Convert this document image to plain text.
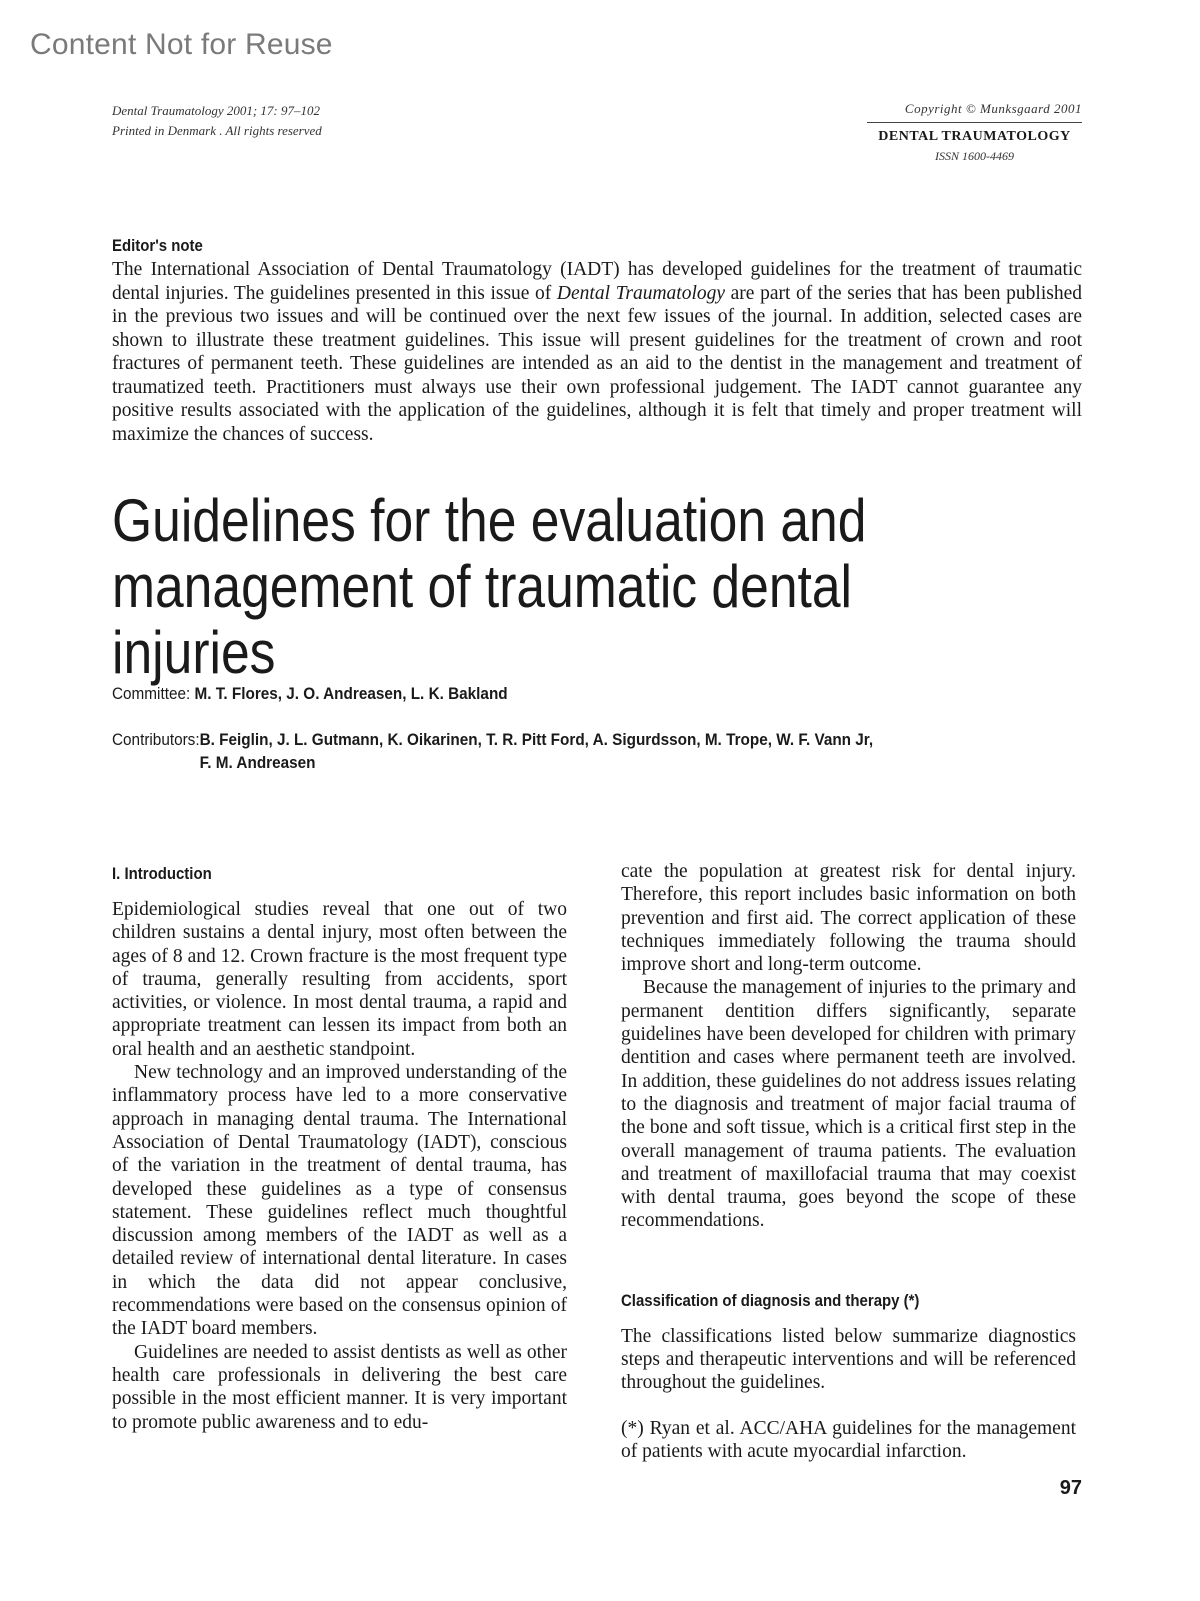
Content Not for Reuse
Dental Traumatology 2001; 17: 97–102
Printed in Denmark . All rights reserved
Copyright © Munksgaard 2001
DENTAL TRAUMATOLOGY
ISSN 1600-4469
Editor's note

The International Association of Dental Traumatology (IADT) has developed guidelines for the treatment of traumatic dental injuries. The guidelines presented in this issue of Dental Traumatology are part of the series that has been published in the previous two issues and will be continued over the next few issues of the journal. In addition, selected cases are shown to illustrate these treatment guidelines. This issue will present guidelines for the treatment of crown and root fractures of permanent teeth. These guidelines are intended as an aid to the dentist in the management and treatment of traumatized teeth. Practitioners must always use their own professional judgement. The IADT cannot guarantee any positive results associated with the application of the guidelines, although it is felt that timely and proper treatment will maximize the chances of success.

Guidelines for the evaluation and
management of traumatic dental injuries
Committee: M. T. Flores, J. O. Andreasen, L. K. Bakland
Contributors: B. Feiglin, J. L. Gutmann, K. Oikarinen, T. R. Pitt Ford, A. Sigurdsson, M. Trope, W. F. Vann Jr,
F. M. Andreasen
I. Introduction

Epidemiological studies reveal that one out of two children sustains a dental injury, most often between the ages of 8 and 12. Crown fracture is the most frequent type of trauma, generally resulting from accidents, sport activities, or violence. In most dental trauma, a rapid and appropriate treatment can lessen its impact from both an oral health and an aesthetic standpoint.

New technology and an improved understanding of the inflammatory process have led to a more conservative approach in managing dental trauma. The International Association of Dental Traumatology (IADT), conscious of the variation in the treatment of dental trauma, has developed these guidelines as a type of consensus statement. These guidelines reflect much thoughtful discussion among members of the IADT as well as a detailed review of international dental literature. In cases in which the data did not appear conclusive, recommendations were based on the consensus opinion of the IADT board members.

Guidelines are needed to assist dentists as well as other health care professionals in delivering the best care possible in the most efficient manner. It is very important to promote public awareness and to edu-

cate the population at greatest risk for dental injury. Therefore, this report includes basic information on both prevention and first aid. The correct application of these techniques immediately following the trauma should improve short and long-term outcome.

Because the management of injuries to the primary and permanent dentition differs significantly, separate guidelines have been developed for children with primary dentition and cases where permanent teeth are involved. In addition, these guidelines do not address issues relating to the diagnosis and treatment of major facial trauma of the bone and soft tissue, which is a critical first step in the overall management of trauma patients. The evaluation and treatment of maxillofacial trauma that may coexist with dental trauma, goes beyond the scope of these recommendations.

Classification of diagnosis and therapy (*)

The classifications listed below summarize diagnostics steps and therapeutic interventions and will be referenced throughout the guidelines.

(*) Ryan et al. ACC/AHA guidelines for the management of patients with acute myocardial infarction.

97
